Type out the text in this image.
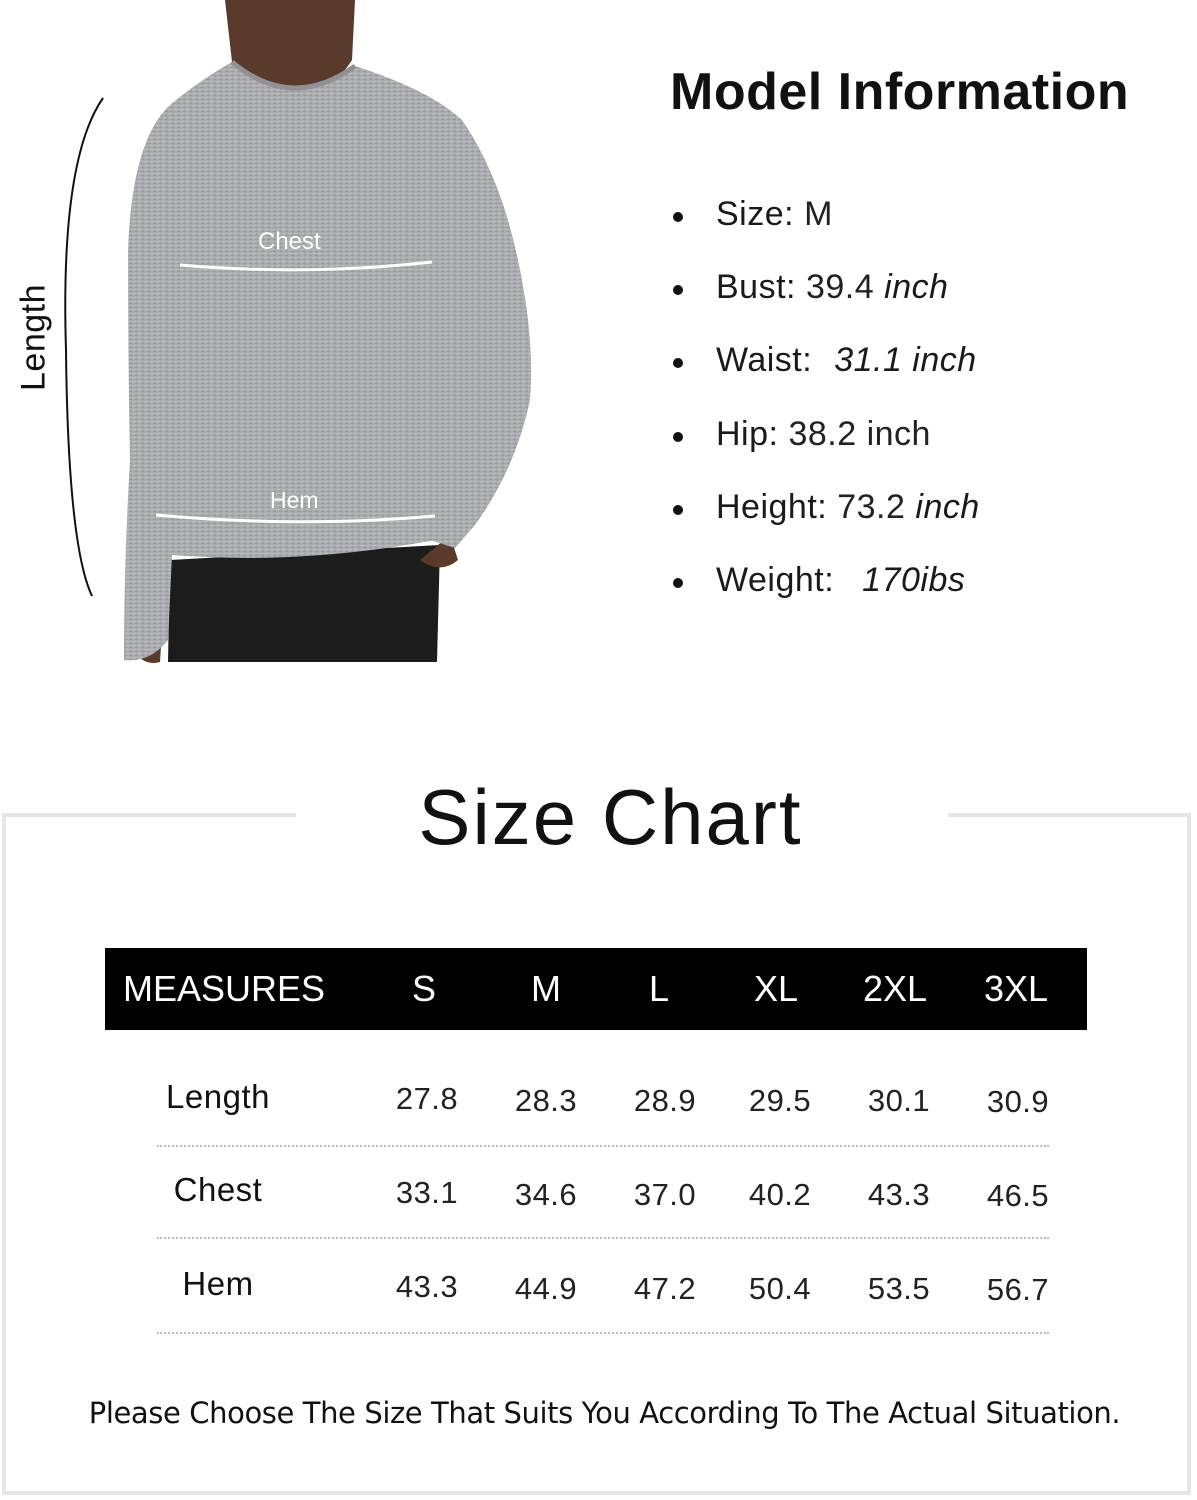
Chest
Hem
Length
Model Information
Size: M
Bust: 39.4 inch
Waist: 31.1 inch
Hip: 38.2 inch
Height: 73.2 inch
Weight: 170ibs
Size Chart
MEASURES	S	M	L	XL	2XL	3XL
Length	27.8	28.3	28.9	29.5	30.1	30.9
Chest	33.1	34.6	37.0	40.2	43.3	46.5
Hem	43.3	44.9	47.2	50.4	53.5	56.7
Please Choose The Size That Suits You According To The Actual Situation.
